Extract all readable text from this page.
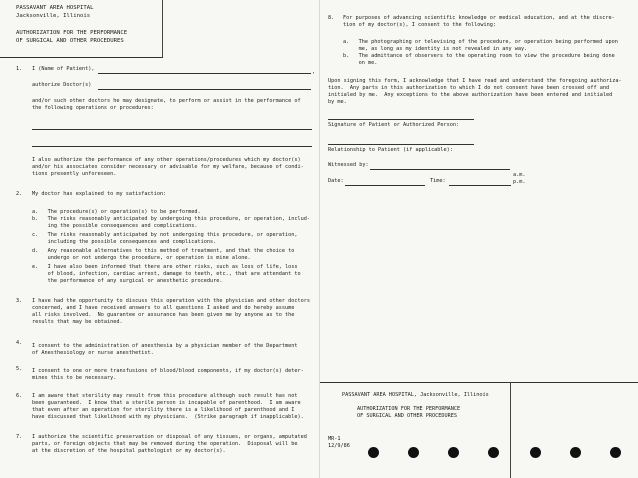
PASSAVANT AREA HOSPITAL
Jacksonville, Illinois
AUTHORIZATION FOR THE PERFORMANCE
OF SURGICAL AND OTHER PROCEDURES
1. I (Name of Patient),	,
authorize Doctor(s)
and/or such other doctors he may designate, to perform or assist in the performance of
the following operations or procedures:
I also authorize the performance of any other operations/procedures which my doctor(s)
and/or his associates consider necessary or advisable for my welfare, because of condi-
tions presently unforeseen.
2. My doctor has explained to my satisfaction:
a.   The procedure(s) or operation(s) to be performed.
b.   The risks reasonably anticipated by undergoing this procedure, or operation, includ-
ing the possible consequences and complications.
c.   The risks reasonably anticipated by not undergoing this procedure, or operation,
including the possible consequences and complications.
d.   Any reasonable alternatives to this method of treatment, and that the choice to
undergo or not undergo the procedure, or operation is mine alone.
e.   I have also been informed that there are other risks, such as loss of life, loss
of blood, infection, cardiac arrest, damage to teeth, etc., that are attendant to
the performance of any surgical or anesthetic procedure.
3. I have had the opportunity to discuss this operation with the physician and other doctors
concerned, and I have received answers to all questions I asked and do hereby assume
all risks involved.  No guarantee or assurance has been given me by anyone as to the
results that may be obtained.
4. I consent to the administration of anesthesia by a physician member of the Department
of Anesthesiology or nurse anesthetist.
5. I consent to one or more transfusions of blood/blood components, if my doctor(s) deter-
mines this to be necessary.
6. I am aware that sterility may result from this procedure although such result has not
been guaranteed.  I know that a sterile person is incapable of parenthood.  I am aware
that even after an operation for sterility there is a likelihood of parenthood and I
have discussed that likelihood with my physicians.  (Strike paragraph if inapplicable).
7. I authorize the scientific preservation or disposal of any tissues, or organs, amputated
parts, or foreign objects that may be removed during the operation.  Disposal will be
at the discretion of the hospital pathologist or my doctor(s).
8. For purposes of advancing scientific knowledge or medical education, and at the discre-
tion of my doctor(s), I consent to the following:
a.   The photographing or televising of the procedure, or operation being performed upon
me, as long as my identity is not revealed in any way.
b.   The admittance of observers to the operating room to view the procedure being done
on me.
Upon signing this form, I acknowledge that I have read and understand the foregoing authoriza-
tion.  Any parts in this authorization to which I do not consent have been crossed off and
initialed by me.  Any exceptions to the above authorization have been entered and initialed
by me.
Signature of Patient or Authorized Person:
Relationship to Patient (if applicable):
Witnessed by:
a.m.
Date:	Time:	p.m.
PASSAVANT AREA HOSPITAL, Jacksonville, Illinois
AUTHORIZATION FOR THE PERFORMANCE
OF SURGICAL AND OTHER PROCEDURES
MR-1
12/9/86
